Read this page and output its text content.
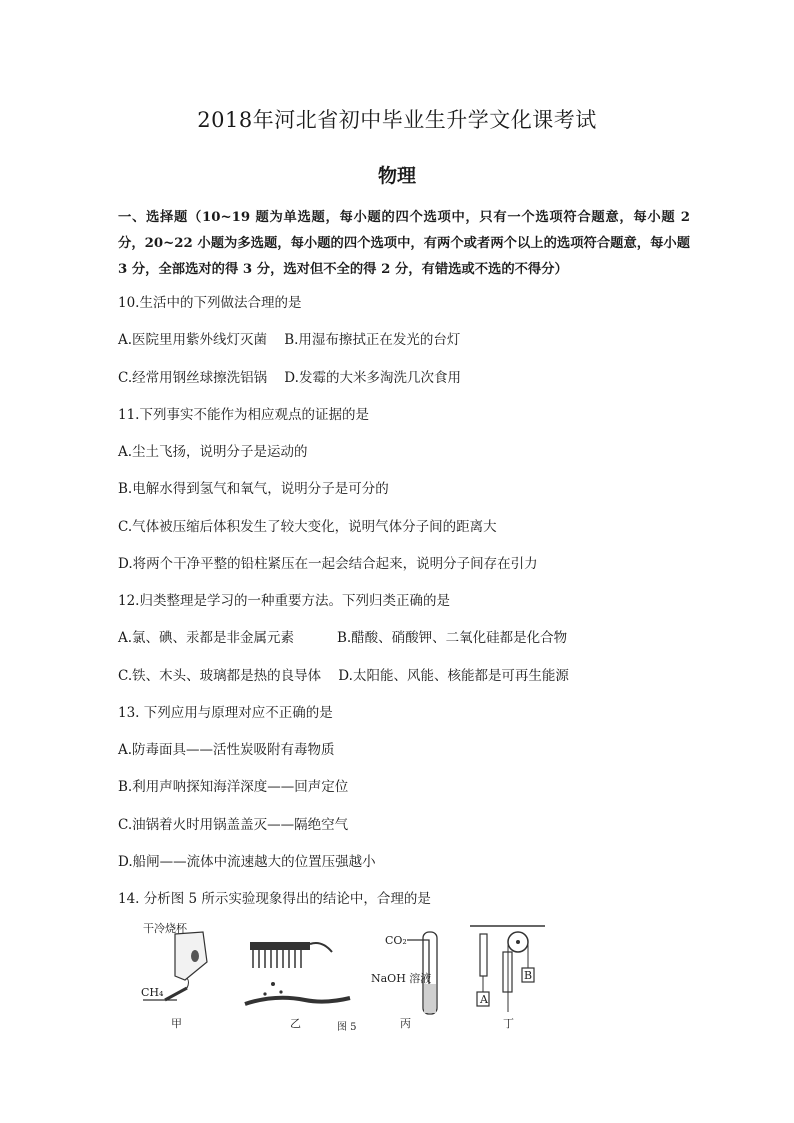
2018年河北省初中毕业生升学文化课考试
物理
一、选择题（10~19 题为单选题，每小题的四个选项中，只有一个选项符合题意，每小题 2 分，20~22 小题为多选题，每小题的四个选项中，有两个或者两个以上的选项符合题意，每小题 3 分，全部选对的得 3 分，选对但不全的得 2 分，有错选或不选的不得分）
10.生活中的下列做法合理的是
A.医院里用紫外线灯灭菌    B.用湿布擦拭正在发光的台灯
C.经常用钢丝球擦洗铝锅    D.发霉的大米多淘洗几次食用
11.下列事实不能作为相应观点的证据的是
A.尘土飞扬，说明分子是运动的
B.电解水得到氢气和氧气，说明分子是可分的
C.气体被压缩后体积发生了较大变化，说明气体分子间的距离大
D.将两个干净平整的铅柱紧压在一起会结合起来，说明分子间存在引力
12.归类整理是学习的一种重要方法。下列归类正确的是
A.氯、碘、汞都是非金属元素          B.醋酸、硝酸钾、二氧化硅都是化合物
C.铁、木头、玻璃都是热的良导体    D.太阳能、风能、核能都是可再生能源
13. 下列应用与原理对应不正确的是
A.防毒面具——活性炭吸附有毒物质
B.利用声呐探知海洋深度——回声定位
C.油锅着火时用锅盖盖灭——隔绝空气
D.船闸——流体中流速越大的位置压强越小
14. 分析图 5 所示实验现象得出的结论中，合理的是
干冷烧杯
CH₄
甲	乙
CO₂
NaOH 溶液
丙
A
B
丁
图 5
